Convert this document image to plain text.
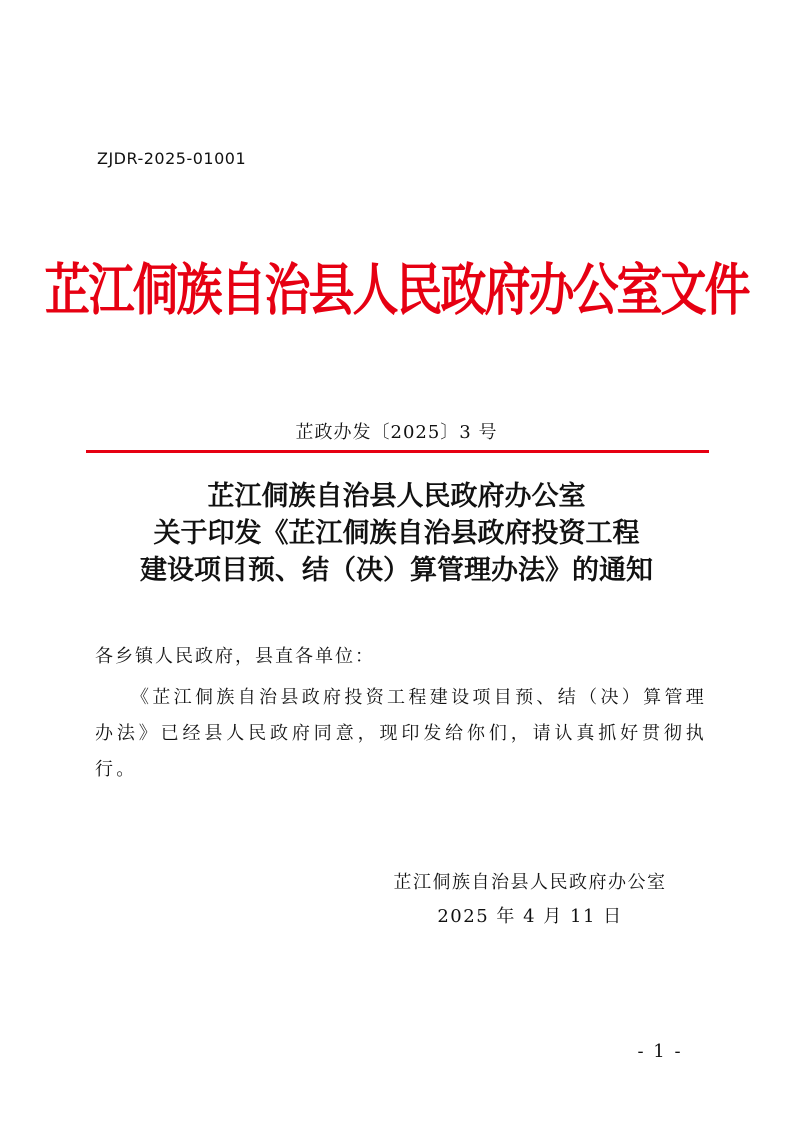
ZJDR-2025-01001
芷江侗族自治县人民政府办公室文件
芷政办发〔2025〕3 号
芷江侗族自治县人民政府办公室
关于印发《芷江侗族自治县政府投资工程
建设项目预、结（决）算管理办法》的通知
各乡镇人民政府，县直各单位：
《芷江侗族自治县政府投资工程建设项目预、结（决）算管理办法》已经县人民政府同意，现印发给你们，请认真抓好贯彻执行。
芷江侗族自治县人民政府办公室
2025 年 4 月 11 日
- 1 -
